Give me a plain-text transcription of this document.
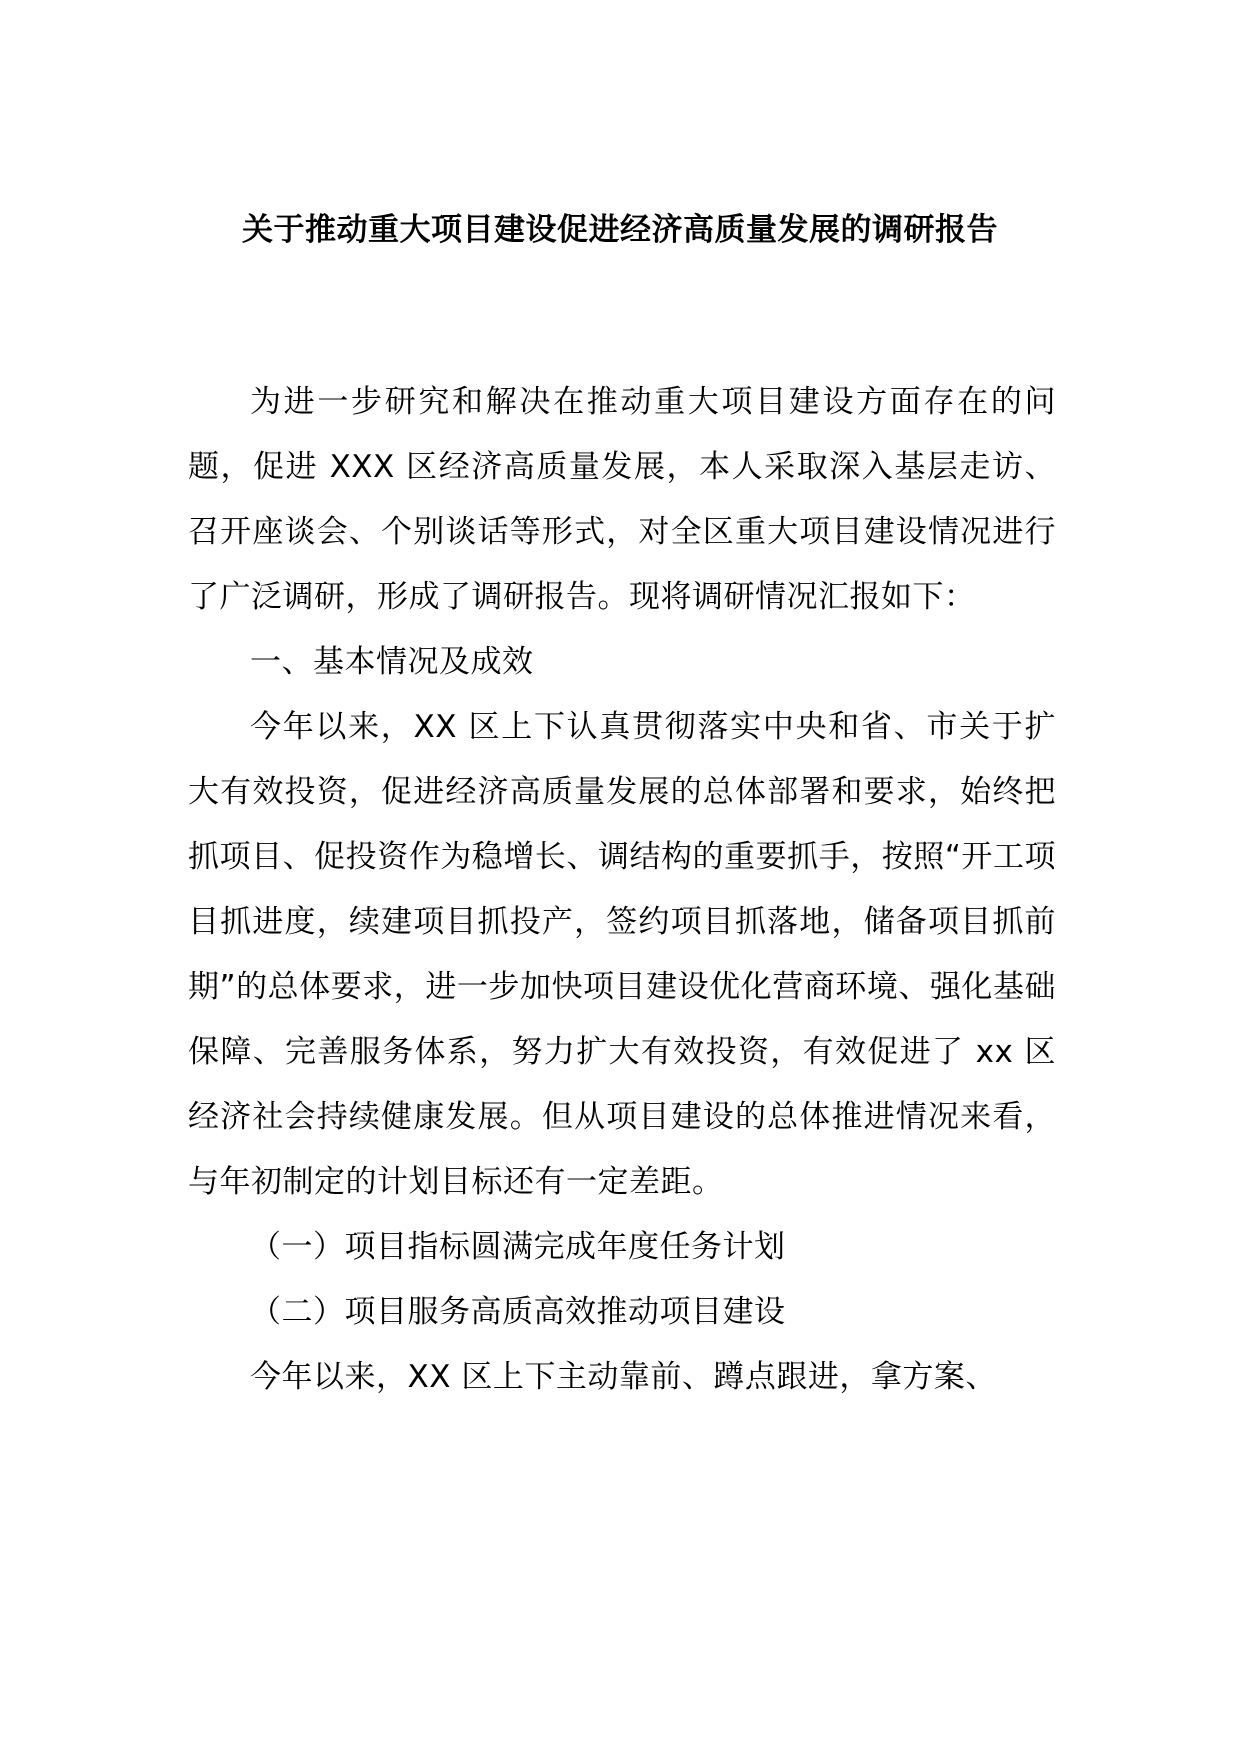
关于推动重大项目建设促进经济高质量发展的调研报告

为进一步研究和解决在推动重大项目建设方面存在的问题，促进 XXX 区经济高质量发展，本人采取深入基层走访、召开座谈会、个别谈话等形式，对全区重大项目建设情况进行了广泛调研，形成了调研报告。现将调研情况汇报如下：

一、基本情况及成效

今年以来，XX 区上下认真贯彻落实中央和省、市关于扩大有效投资，促进经济高质量发展的总体部署和要求，始终把抓项目、促投资作为稳增长、调结构的重要抓手，按照“开工项目抓进度，续建项目抓投产，签约项目抓落地，储备项目抓前期”的总体要求，进一步加快项目建设优化营商环境、强化基础保障、完善服务体系，努力扩大有效投资，有效促进了 xx 区经济社会持续健康发展。但从项目建设的总体推进情况来看，与年初制定的计划目标还有一定差距。

（一）项目指标圆满完成年度任务计划

（二）项目服务高质高效推动项目建设

今年以来，XX 区上下主动靠前、蹲点跟进，拿方案、
